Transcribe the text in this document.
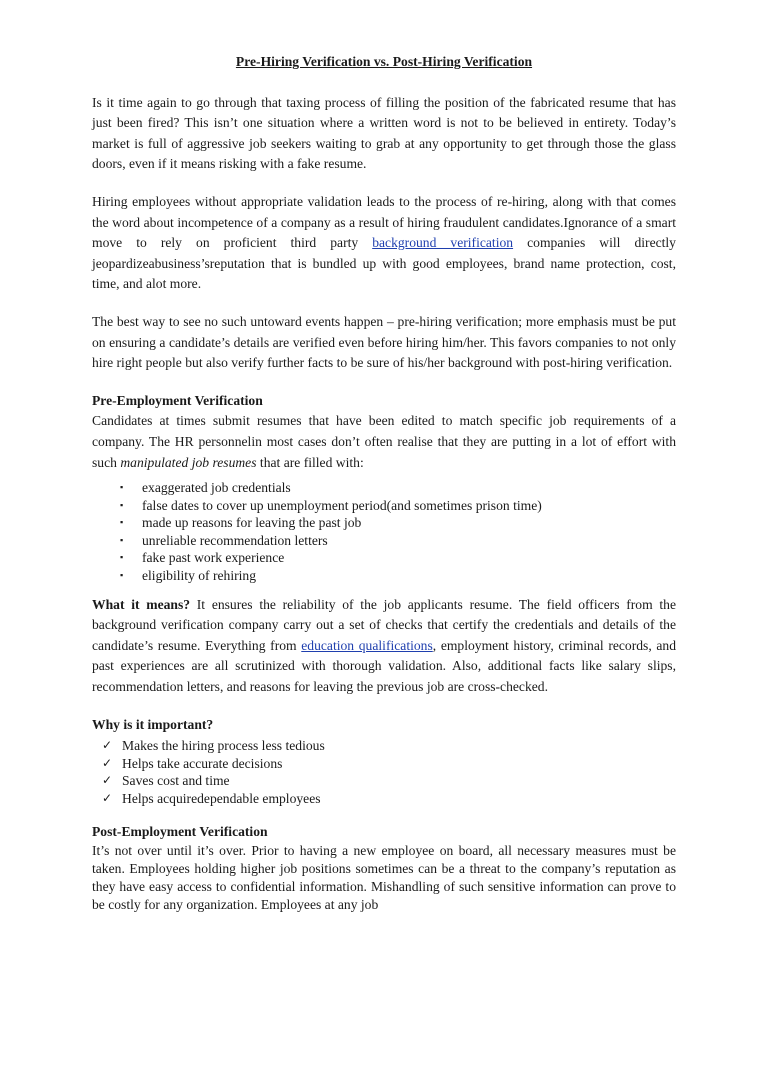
Pre-Hiring Verification vs. Post-Hiring Verification

Is it time again to go through that taxing process of filling the position of the fabricated resume that has just been fired? This isn’t one situation where a written word is not to be believed in entirety. Today’s market is full of aggressive job seekers waiting to grab at any opportunity to get through those the glass doors, even if it means risking with a fake resume.

Hiring employees without appropriate validation leads to the process of re-hiring, along with that comes the word about incompetence of a company as a result of hiring fraudulent candidates.Ignorance of a smart move to rely on proficient third party background verification companies will directly jeopardizeabusiness’sreputation that is bundled up with good employees, brand name protection, cost, time, and alot more.

The best way to see no such untoward events happen – pre-hiring verification; more emphasis must be put on ensuring a candidate’s details are verified even before hiring him/her. This favors companies to not only hire right people but also verify further facts to be sure of his/her background with post-hiring verification.

Pre-Employment Verification

Candidates at times submit resumes that have been edited to match specific job requirements of a company. The HR personnelin most cases don’t often realise that they are putting in a lot of effort with such manipulated job resumes that are filled with:

▪ exaggerated job credentials
▪ false dates to cover up unemployment period(and sometimes prison time)
▪ made up reasons for leaving the past job
▪ unreliable recommendation letters
▪ fake past work experience
▪ eligibility of rehiring

What it means? It ensures the reliability of the job applicants resume. The field officers from the background verification company carry out a set of checks that certify the credentials and details of the candidate’s resume. Everything from education qualifications, employment history, criminal records, and past experiences are all scrutinized with thorough validation. Also, additional facts like salary slips, recommendation letters, and reasons for leaving the previous job are cross-checked.

Why is it important?
✓ Makes the hiring process less tedious
✓ Helps take accurate decisions
✓ Saves cost and time
✓ Helps acquiredependable employees
Post-Employment Verification

It’s not over until it’s over. Prior to having a new employee on board, all necessary measures must be taken. Employees holding higher job positions sometimes can be a threat to the company’s reputation as they have easy access to confidential information. Mishandling of such sensitive information can prove to be costly for any organization. Employees at any job
